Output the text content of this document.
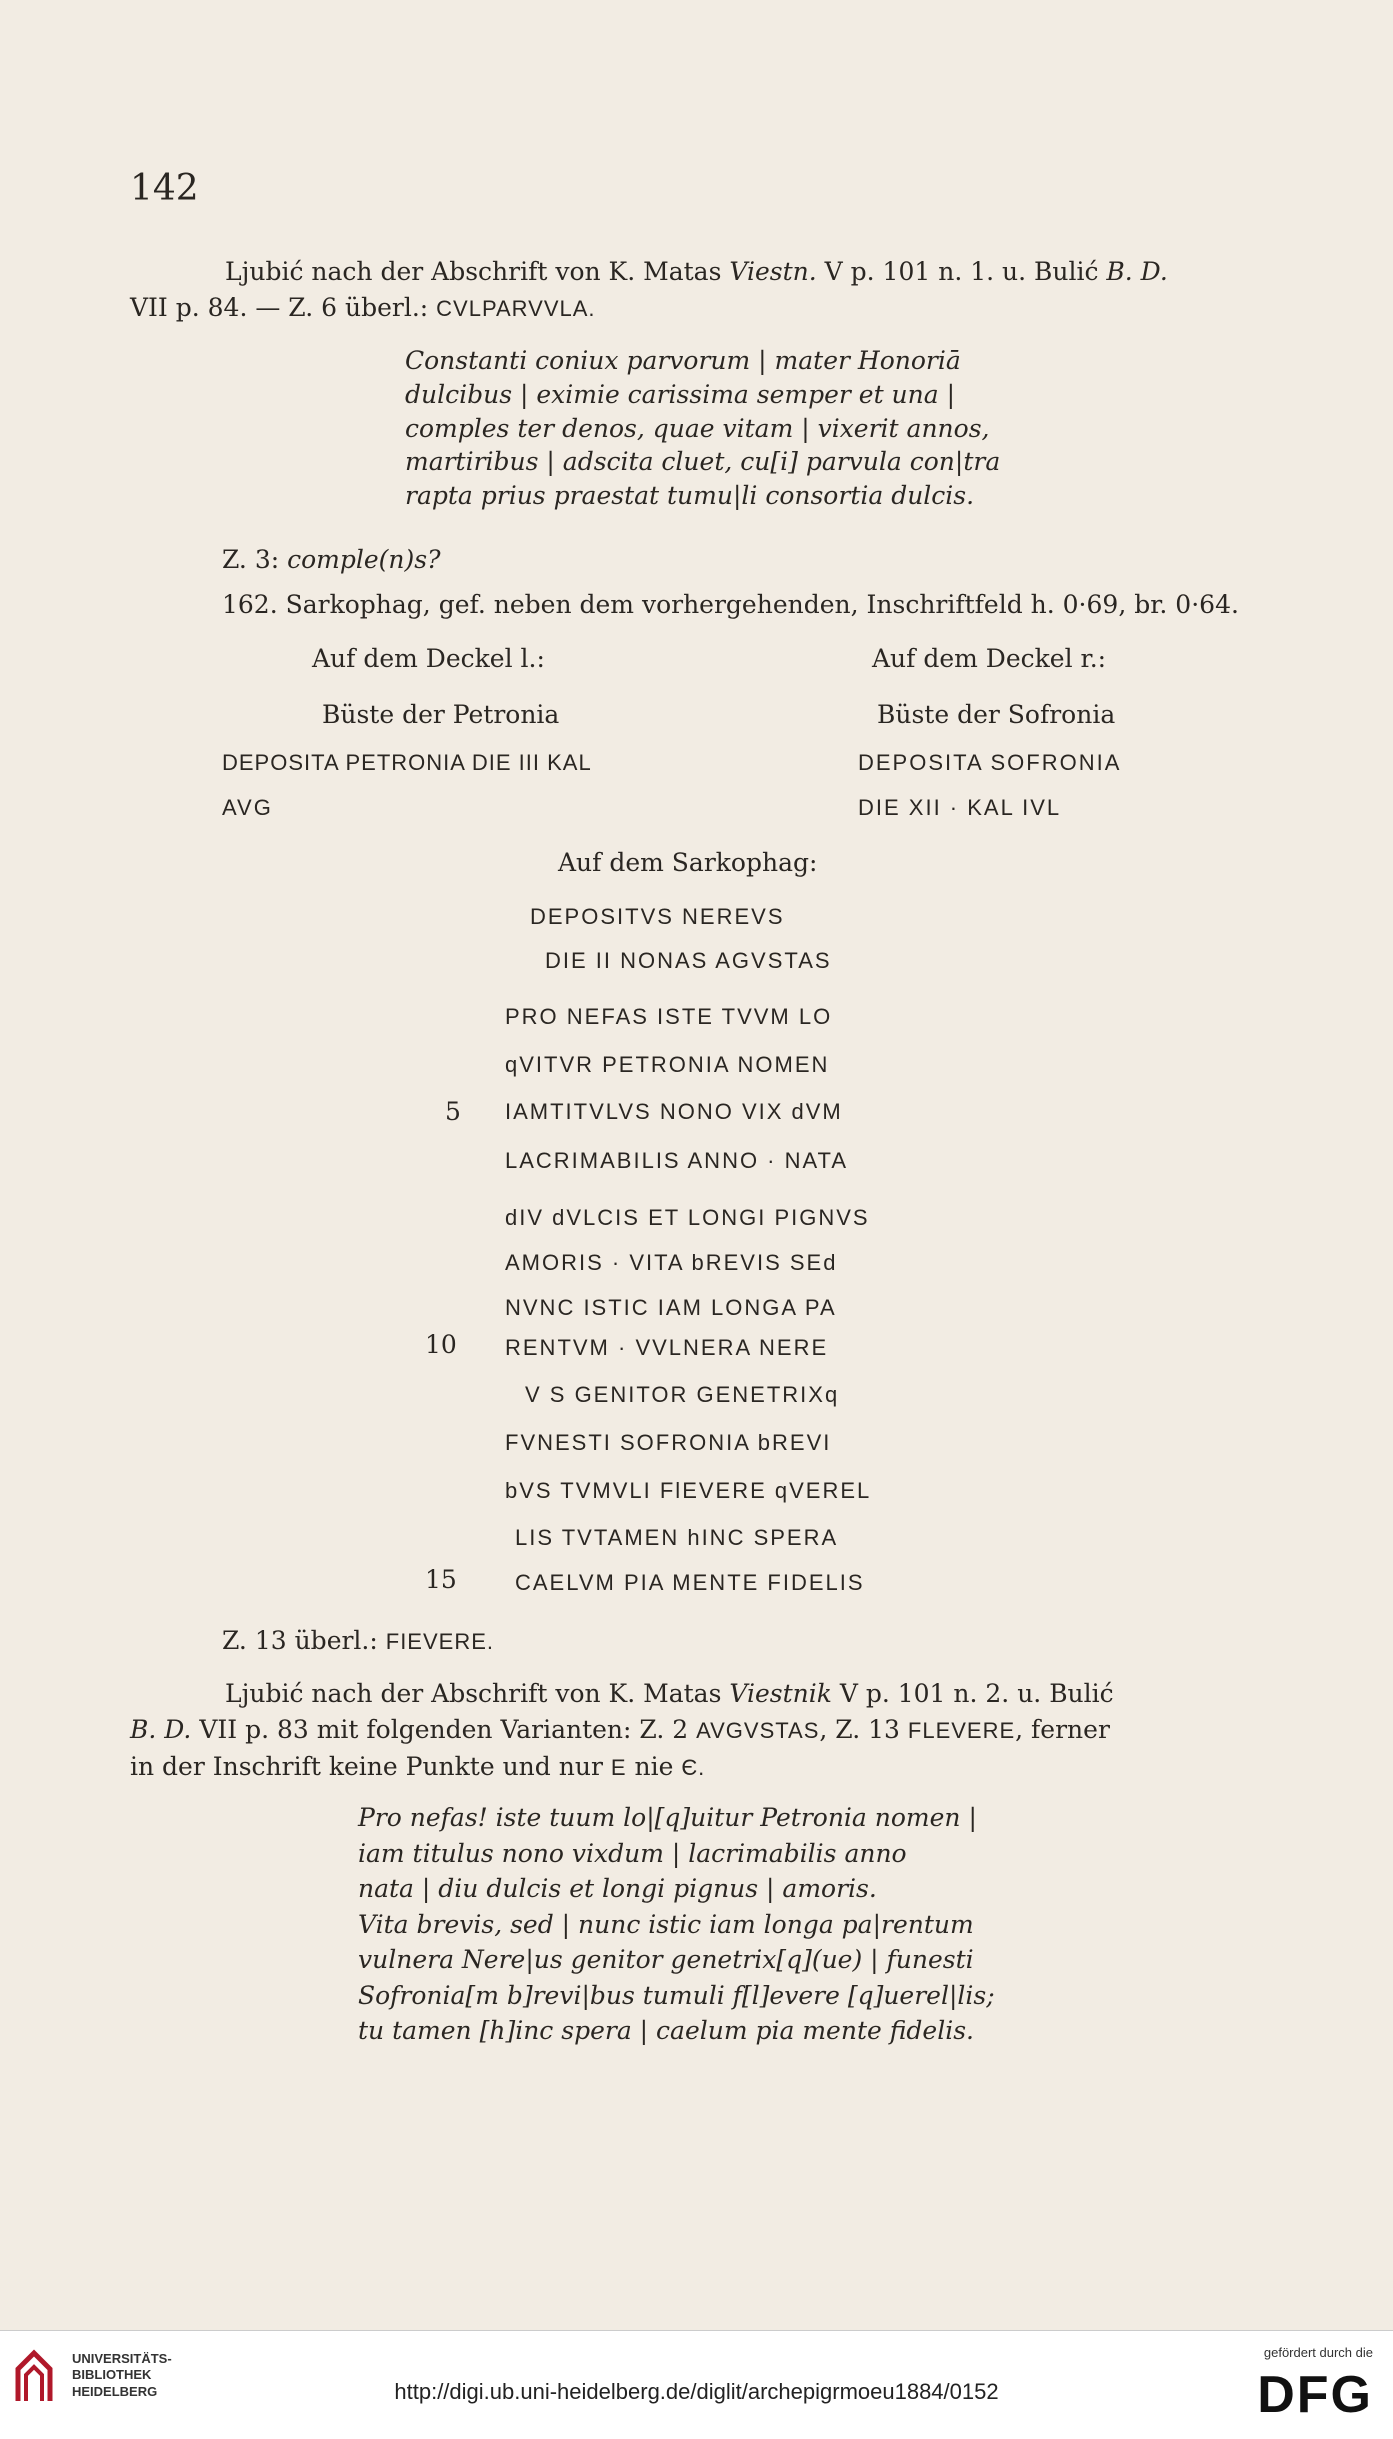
142
Ljubić nach der Abschrift von K. Matas Viestn. V p. 101 n. 1. u. Bulić B. D.
VII p. 84. — Z. 6 überl.: CVLPARVVLA.
Constanti coniux parvorum | mater Honoriā
dulcibus | eximie carissima semper et una |
comples ter denos, quae vitam | vixerit annos,
martiribus | adscita cluet, cu[i] parvula con|tra
rapta prius praestat tumu|li consortia dulcis.
Z. 3: comple(n)s?
162. Sarkophag, gef. neben dem vorhergehenden, Inschriftfeld h. 0·69, br. 0·64.
Auf dem Deckel l.:
Büste der Petronia
DEPOSITA PETRONIA DIE III KAL
AVG
Auf dem Deckel r.:
Büste der Sofronia
DEPOSITA SOFRONIA
DIE XII · KAL IVL
Auf dem Sarkophag:
DEPOSITVS NEREVS
DIE II NONAS AGVSTAS
PRO NEFAS ISTE TVVM LO
qVITVR PETRONIA NOMEN
5 IAMTITVLVS NONO VIX dVM
LACRIMABILIS ANNO · NATA
dIV dVLCIS ET LONGI PIGNVS
AMORIS · VITA bREVIS SEd
NVNC ISTIC IAM LONGA PA
10 RENTVM · VVLNERA NERE
V S GENITOR GENETRIXq
FVNESTI SOFRONIA bREVI
bVS TVMVLI FlEVERE qVEREL
LIS TVTAMEN hINC SPERA
15	CAELVM PIA MENTE FIDELIS
Z. 13 überl.: FIEVERE.
Ljubić nach der Abschrift von K. Matas Viestnik V p. 101 n. 2. u. Bulić
B. D. VII p. 83 mit folgenden Varianten: Z. 2 AVGVSTAS, Z. 13 FLEVERE, ferner
in der Inschrift keine Punkte und nur E nie Є.
Pro nefas! iste tuum lo|[q]uitur Petronia nomen |
iam titulus nono vixdum | lacrimabilis anno
nata | diu dulcis et longi pignus | amoris.
Vita brevis, sed | nunc istic iam longa pa|rentum
vulnera Nere|us genitor genetrix[q](ue) | funesti
Sofronia[m b]revi|bus tumuli f[l]evere [q]uerel|lis;
tu tamen [h]inc spera | caelum pia mente fidelis.
UNIVERSITÄTS-
BIBLIOTHEK
HEIDELBERG	http://digi.ub.uni-heidelberg.de/diglit/archepigrmoeu1884/0152
gefördert durch die
DFG
